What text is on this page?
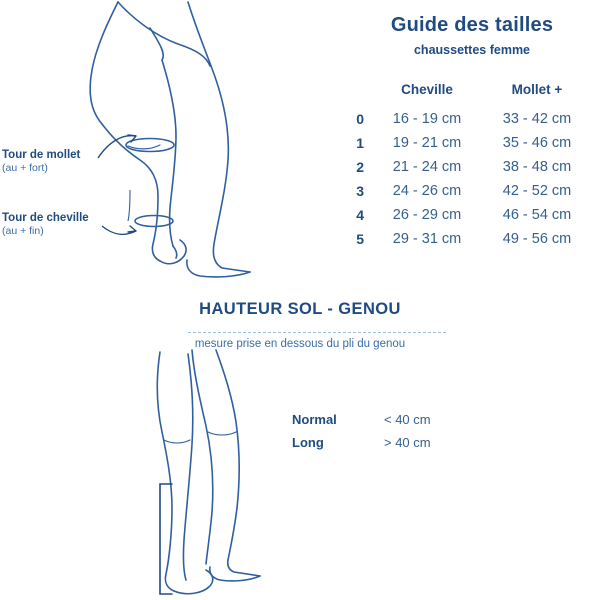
Tour de mollet
(au + fort)
Tour de cheville
(au + fin)
Guide des tailles
chaussettes femme
	Cheville	Mollet +
0	16 - 19 cm	33 - 42 cm
1	19 - 21 cm	35 - 46 cm
2	21 - 24 cm	38 - 48 cm
3	24 - 26 cm	42 - 52 cm
4	26 - 29 cm	46 - 54 cm
5	29 - 31 cm	49 - 56 cm
HAUTEUR SOL - GENOU
mesure prise en dessous du pli du genou
Normal	< 40 cm
Long	> 40 cm
